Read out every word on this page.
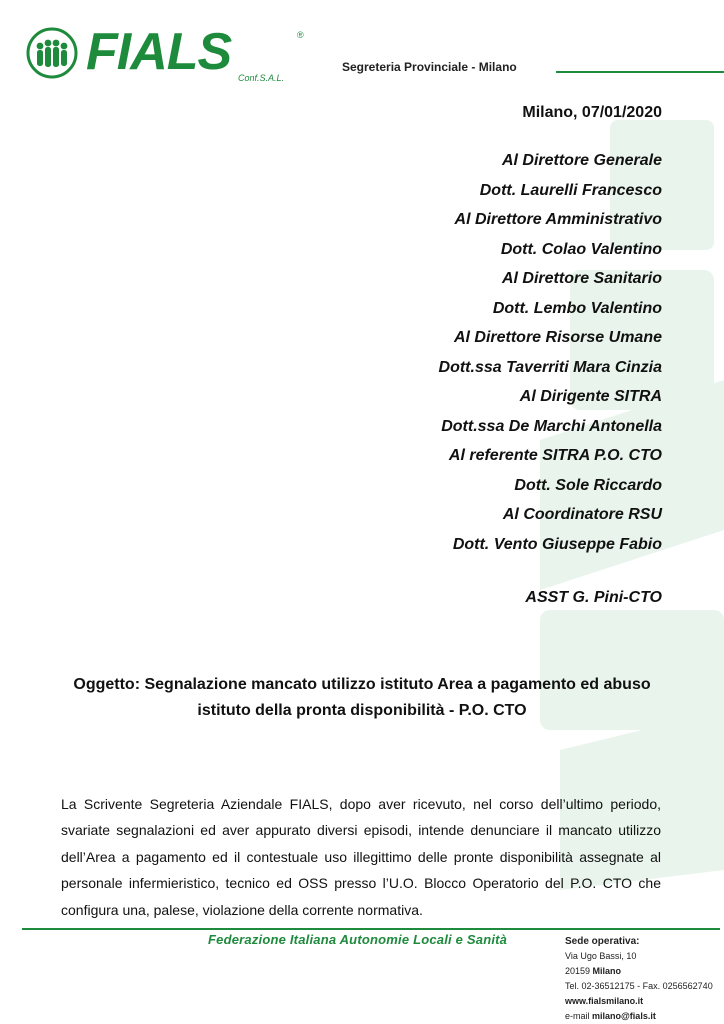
FIALS	®
Conf.S.A.L.
Segreteria Provinciale - Milano
Milano, 07/01/2020
Al Direttore Generale
Dott. Laurelli Francesco
Al Direttore Amministrativo
Dott. Colao Valentino
Al Direttore Sanitario
Dott. Lembo Valentino
Al Direttore Risorse Umane
Dott.ssa Taverriti Mara Cinzia
Al Dirigente SITRA
Dott.ssa De Marchi Antonella
Al referente SITRA P.O. CTO
Dott. Sole Riccardo
Al Coordinatore RSU
Dott. Vento Giuseppe Fabio
ASST G. Pini-CTO
Oggetto: Segnalazione mancato utilizzo istituto Area a pagamento ed abuso
istituto della pronta disponibilità - P.O. CTO

La Scrivente Segreteria Aziendale FIALS, dopo aver ricevuto, nel corso dell’ultimo periodo, svariate segnalazioni ed aver appurato diversi episodi, intende denunciare il mancato utilizzo dell’Area a pagamento ed il contestuale uso illegittimo delle pronte disponibilità assegnate al personale infermieristico, tecnico ed OSS presso l’U.O. Blocco Operatorio del P.O. CTO che configura una, palese, violazione della corrente normativa.

Federazione Italiana Autonomie Locali e Sanità	Sede operativa:
Via Ugo Bassi, 10
20159 Milano
Tel. 02-36512175 - Fax. 0256562740
www.fialsmilano.it
e-mail milano@fials.it
